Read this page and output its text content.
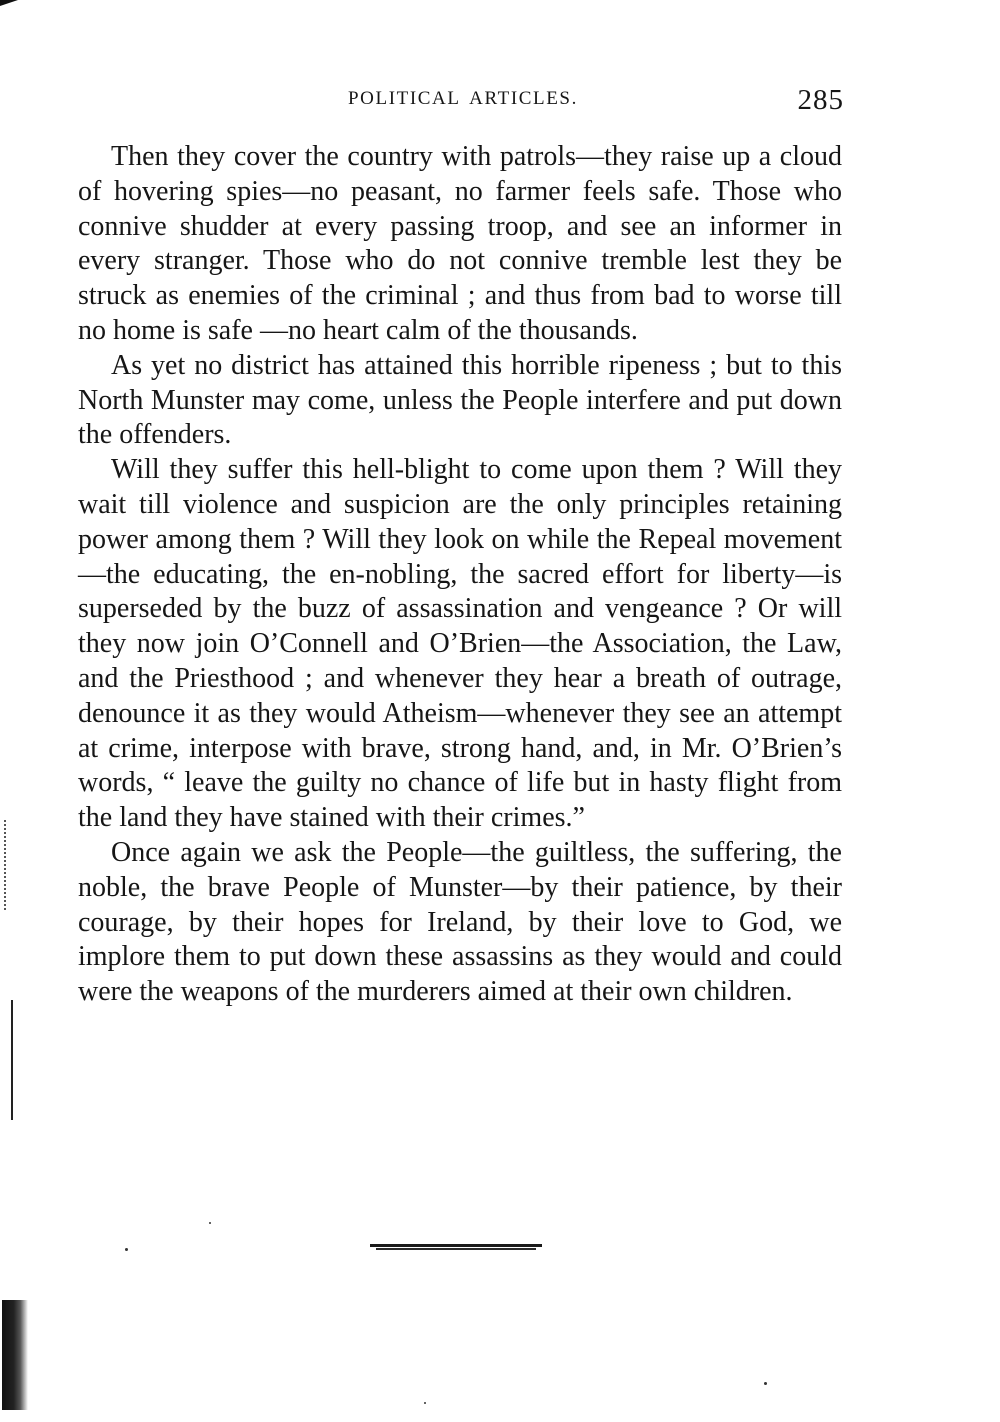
POLITICAL ARTICLES.	285

Then they cover the country with patrols—they raise up a cloud of hovering spies—no peasant, no farmer feels safe. Those who connive shudder at every passing troop, and see an informer in every stranger. Those who do not connive tremble lest they be struck as enemies of the criminal ; and thus from bad to worse till no home is safe —no heart calm of the thousands.

As yet no district has attained this horrible ripeness ; but to this North Munster may come, unless the People interfere and put down the offenders.

Will they suffer this hell-blight to come upon them ? Will they wait till violence and suspicion are the only principles retaining power among them ? Will they look on while the Repeal movement—the educating, the en-nobling, the sacred effort for liberty—is superseded by the buzz of assassination and vengeance ? Or will they now join O’Connell and O’Brien—the Association, the Law, and the Priesthood ; and whenever they hear a breath of outrage, denounce it as they would Atheism—whenever they see an attempt at crime, interpose with brave, strong hand, and, in Mr. O’Brien’s words, “ leave the guilty no chance of life but in hasty flight from the land they have stained with their crimes.”

Once again we ask the People—the guiltless, the suffering, the noble, the brave People of Munster—by their patience, by their courage, by their hopes for Ireland, by their love to God, we implore them to put down these assassins as they would and could were the weapons of the murderers aimed at their own children.
